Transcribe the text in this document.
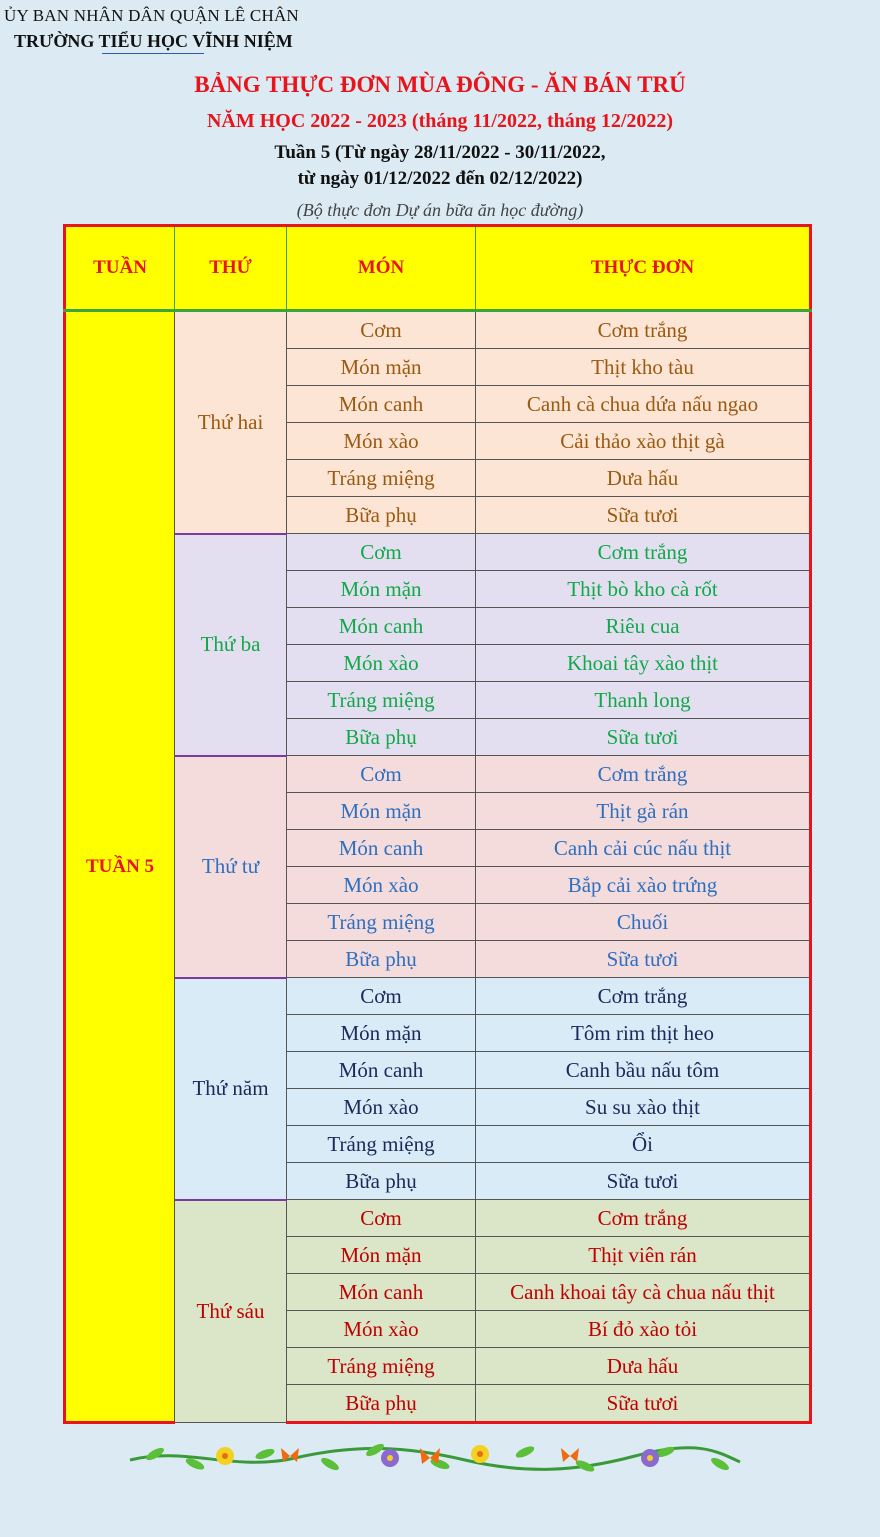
ỦY BAN NHÂN DÂN QUẬN LÊ CHÂN
TRƯỜNG TIỂU HỌC VĨNH NIỆM
BẢNG THỰC ĐƠN MÙA ĐÔNG - ĂN BÁN TRÚ
NĂM HỌC 2022 - 2023 (tháng 11/2022, tháng 12/2022)
Tuần 5 (Từ ngày 28/11/2022 - 30/11/2022,
từ ngày 01/12/2022 đến 02/12/2022)
(Bộ thực đơn Dự án bữa ăn học đường)
TUẦN	THỨ	MÓN	THỰC ĐƠN
TUẦN 5	Thứ hai	Cơm	Cơm trắng
		Món mặn	Thịt kho tàu
		Món canh	Canh cà chua dứa nấu ngao
		Món xào	Cải thảo xào thịt gà
		Tráng miệng	Dưa hấu
		Bữa phụ	Sữa tươi
	Thứ ba	Cơm	Cơm trắng
		Món mặn	Thịt bò kho cà rốt
		Món canh	Riêu cua
		Món xào	Khoai tây xào thịt
		Tráng miệng	Thanh long
		Bữa phụ	Sữa tươi
	Thứ tư	Cơm	Cơm trắng
		Món mặn	Thịt gà rán
		Món canh	Canh cải cúc nấu thịt
		Món xào	Bắp cải xào trứng
		Tráng miệng	Chuối
		Bữa phụ	Sữa tươi
	Thứ năm	Cơm	Cơm trắng
		Món mặn	Tôm rim thịt heo
		Món canh	Canh bầu nấu tôm
		Món xào	Su su xào thịt
		Tráng miệng	Ổi
		Bữa phụ	Sữa tươi
	Thứ sáu	Cơm	Cơm trắng
		Món mặn	Thịt viên rán
		Món canh	Canh khoai tây cà chua nấu thịt
		Món xào	Bí đỏ xào tỏi
		Tráng miệng	Dưa hấu
		Bữa phụ	Sữa tươi
